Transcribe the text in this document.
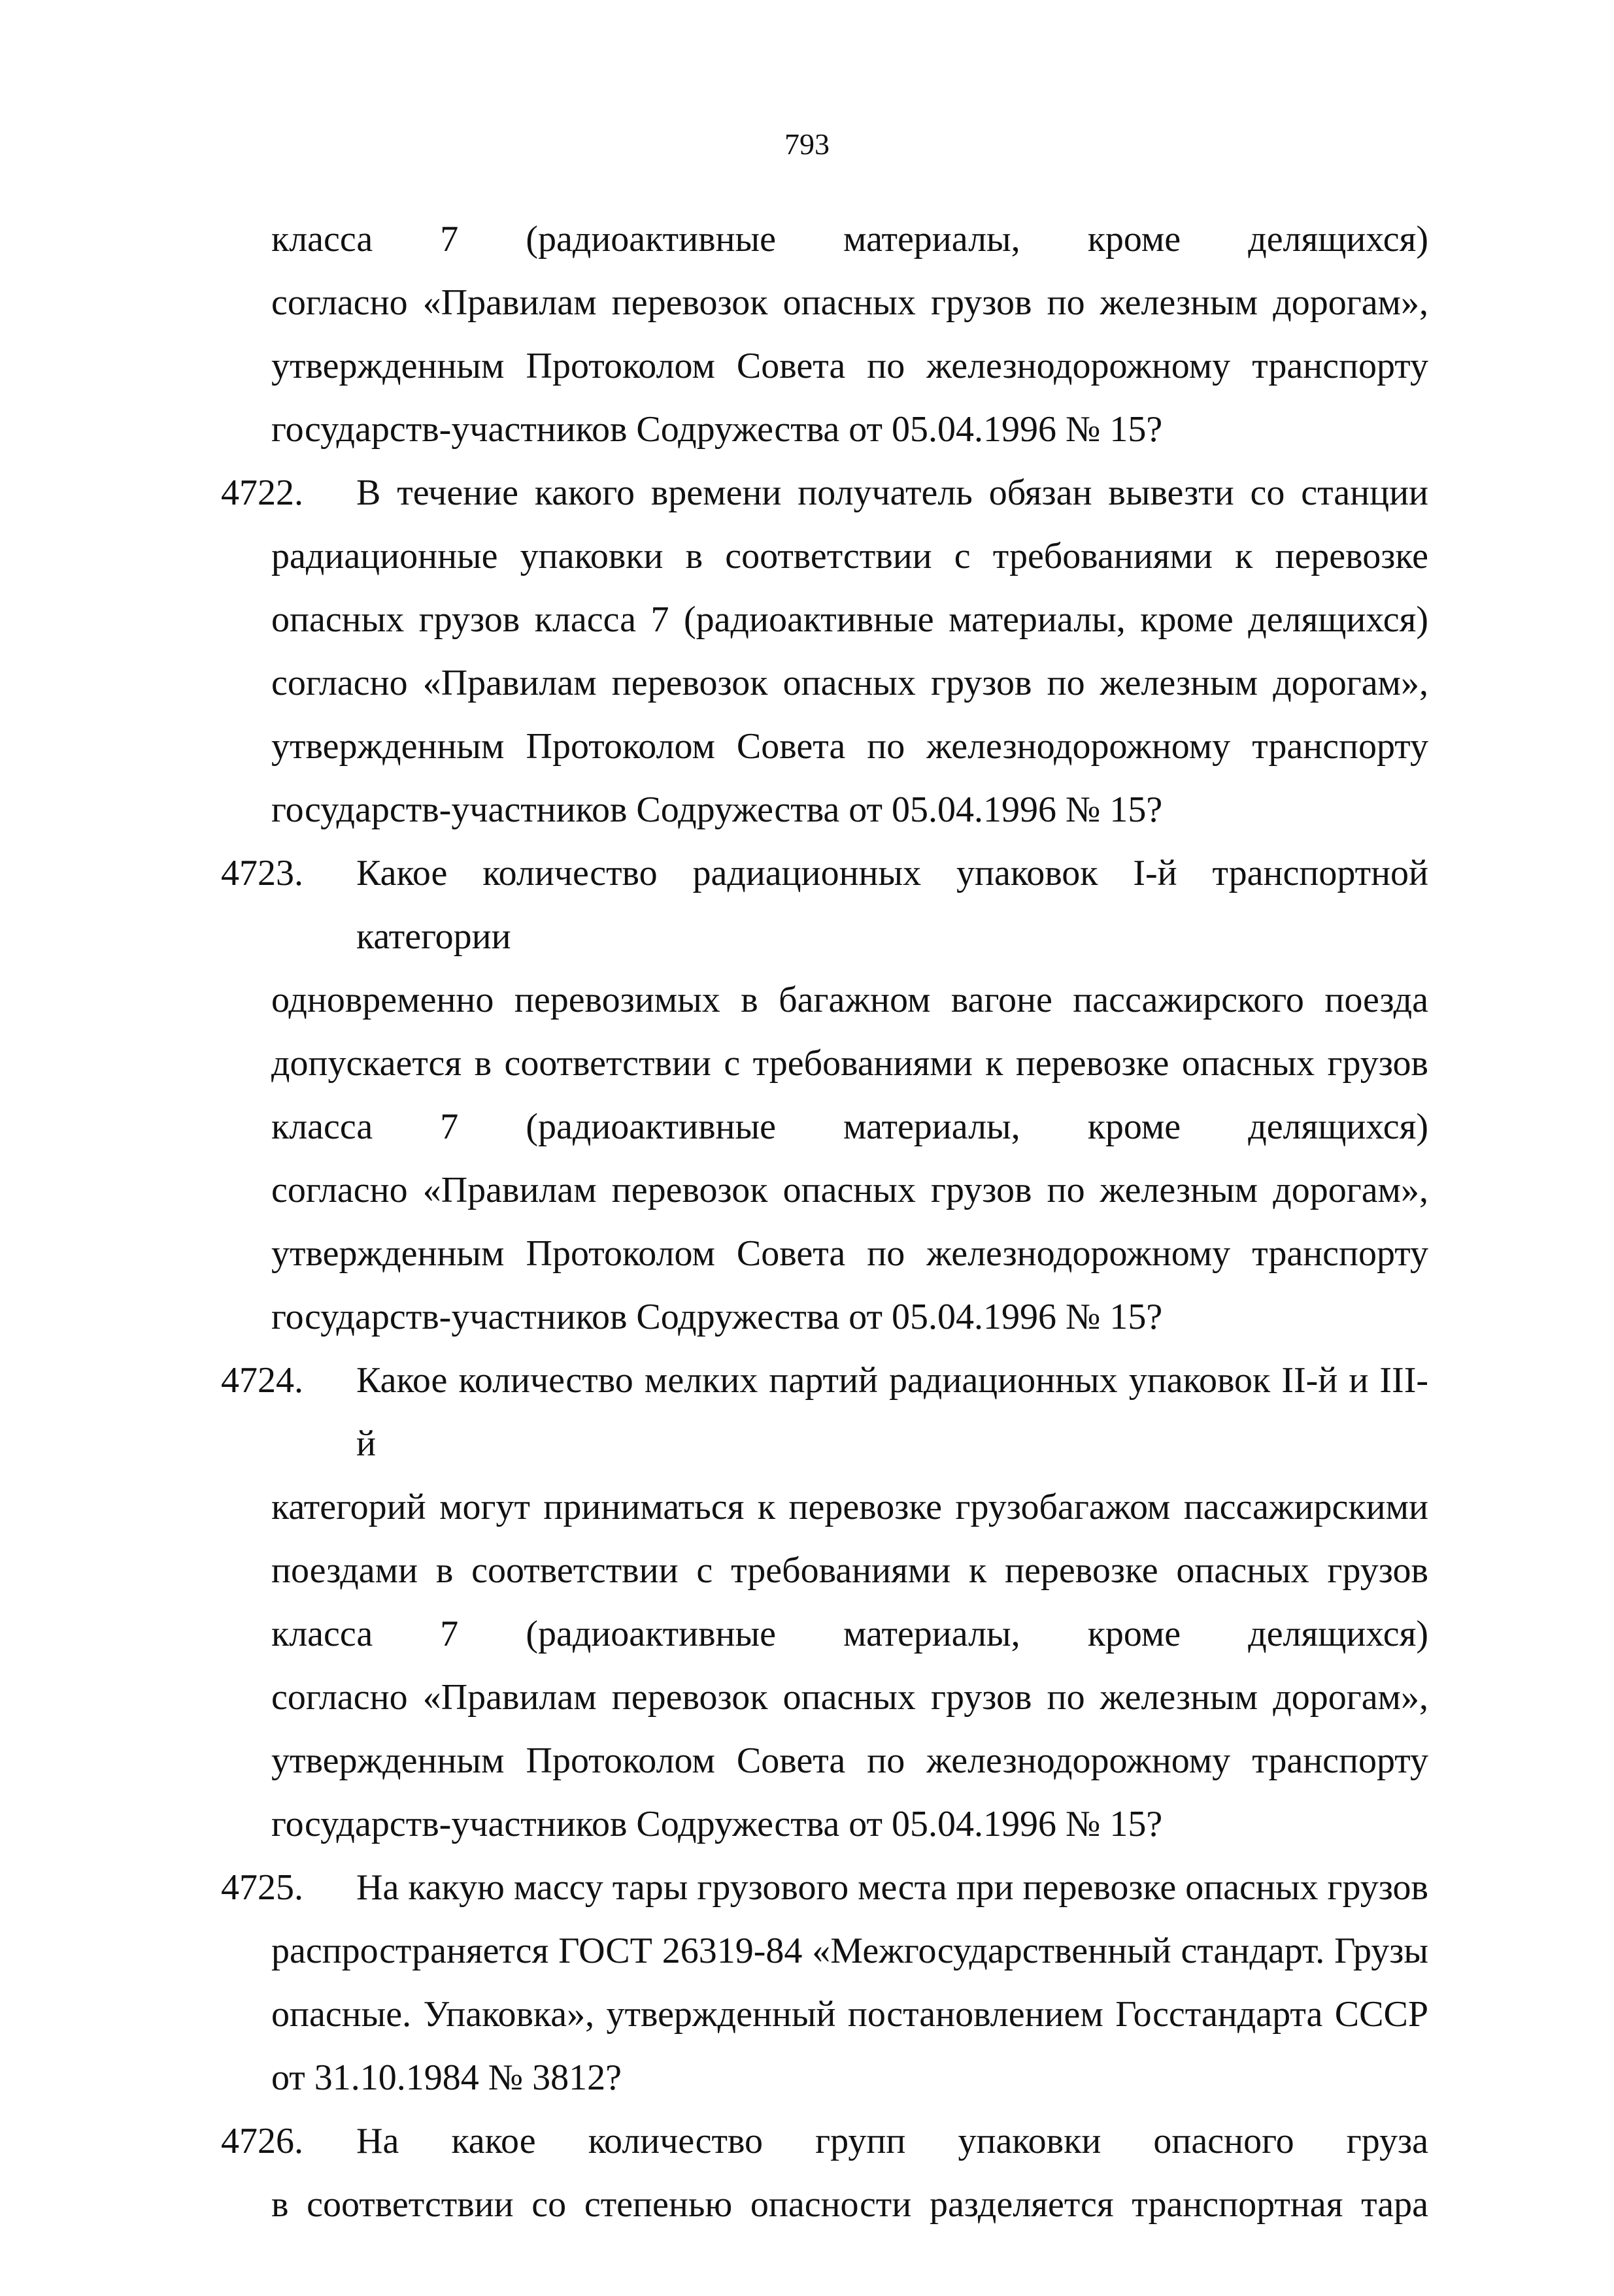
793
класса 7 (радиоактивные материалы, кроме делящихся)
согласно «Правилам перевозок опасных грузов по железным дорогам»,
утвержденным Протоколом Совета по железнодорожному транспорту
государств-участников Содружества от 05.04.1996 № 15?
4722.	В течение какого времени получатель обязан вывезти со станции
радиационные упаковки в соответствии с требованиями к перевозке
опасных грузов класса 7 (радиоактивные материалы, кроме делящихся)
согласно «Правилам перевозок опасных грузов по железным дорогам»,
утвержденным Протоколом Совета по железнодорожному транспорту
государств-участников Содружества от 05.04.1996 № 15?
4723.	Какое количество радиационных упаковок I-й транспортной категории
одновременно перевозимых в багажном вагоне пассажирского поезда
допускается в соответствии с требованиями к перевозке опасных грузов
класса 7 (радиоактивные материалы, кроме делящихся)
согласно «Правилам перевозок опасных грузов по железным дорогам»,
утвержденным Протоколом Совета по железнодорожному транспорту
государств-участников Содружества от 05.04.1996 № 15?
4724.	Какое количество мелких партий радиационных упаковок II-й и III-й
категорий могут приниматься к перевозке грузобагажом пассажирскими
поездами в соответствии с требованиями к перевозке опасных грузов
класса 7 (радиоактивные материалы, кроме делящихся)
согласно «Правилам перевозок опасных грузов по железным дорогам»,
утвержденным Протоколом Совета по железнодорожному транспорту
государств-участников Содружества от 05.04.1996 № 15?
4725.	На какую массу тары грузового места при перевозке опасных грузов
распространяется ГОСТ 26319-84 «Межгосударственный стандарт. Грузы
опасные. Упаковка», утвержденный постановлением Госстандарта СССР
от 31.10.1984 № 3812?
4726.	На какое количество групп упаковки опасного груза
в соответствии со степенью опасности разделяется транспортная тара
